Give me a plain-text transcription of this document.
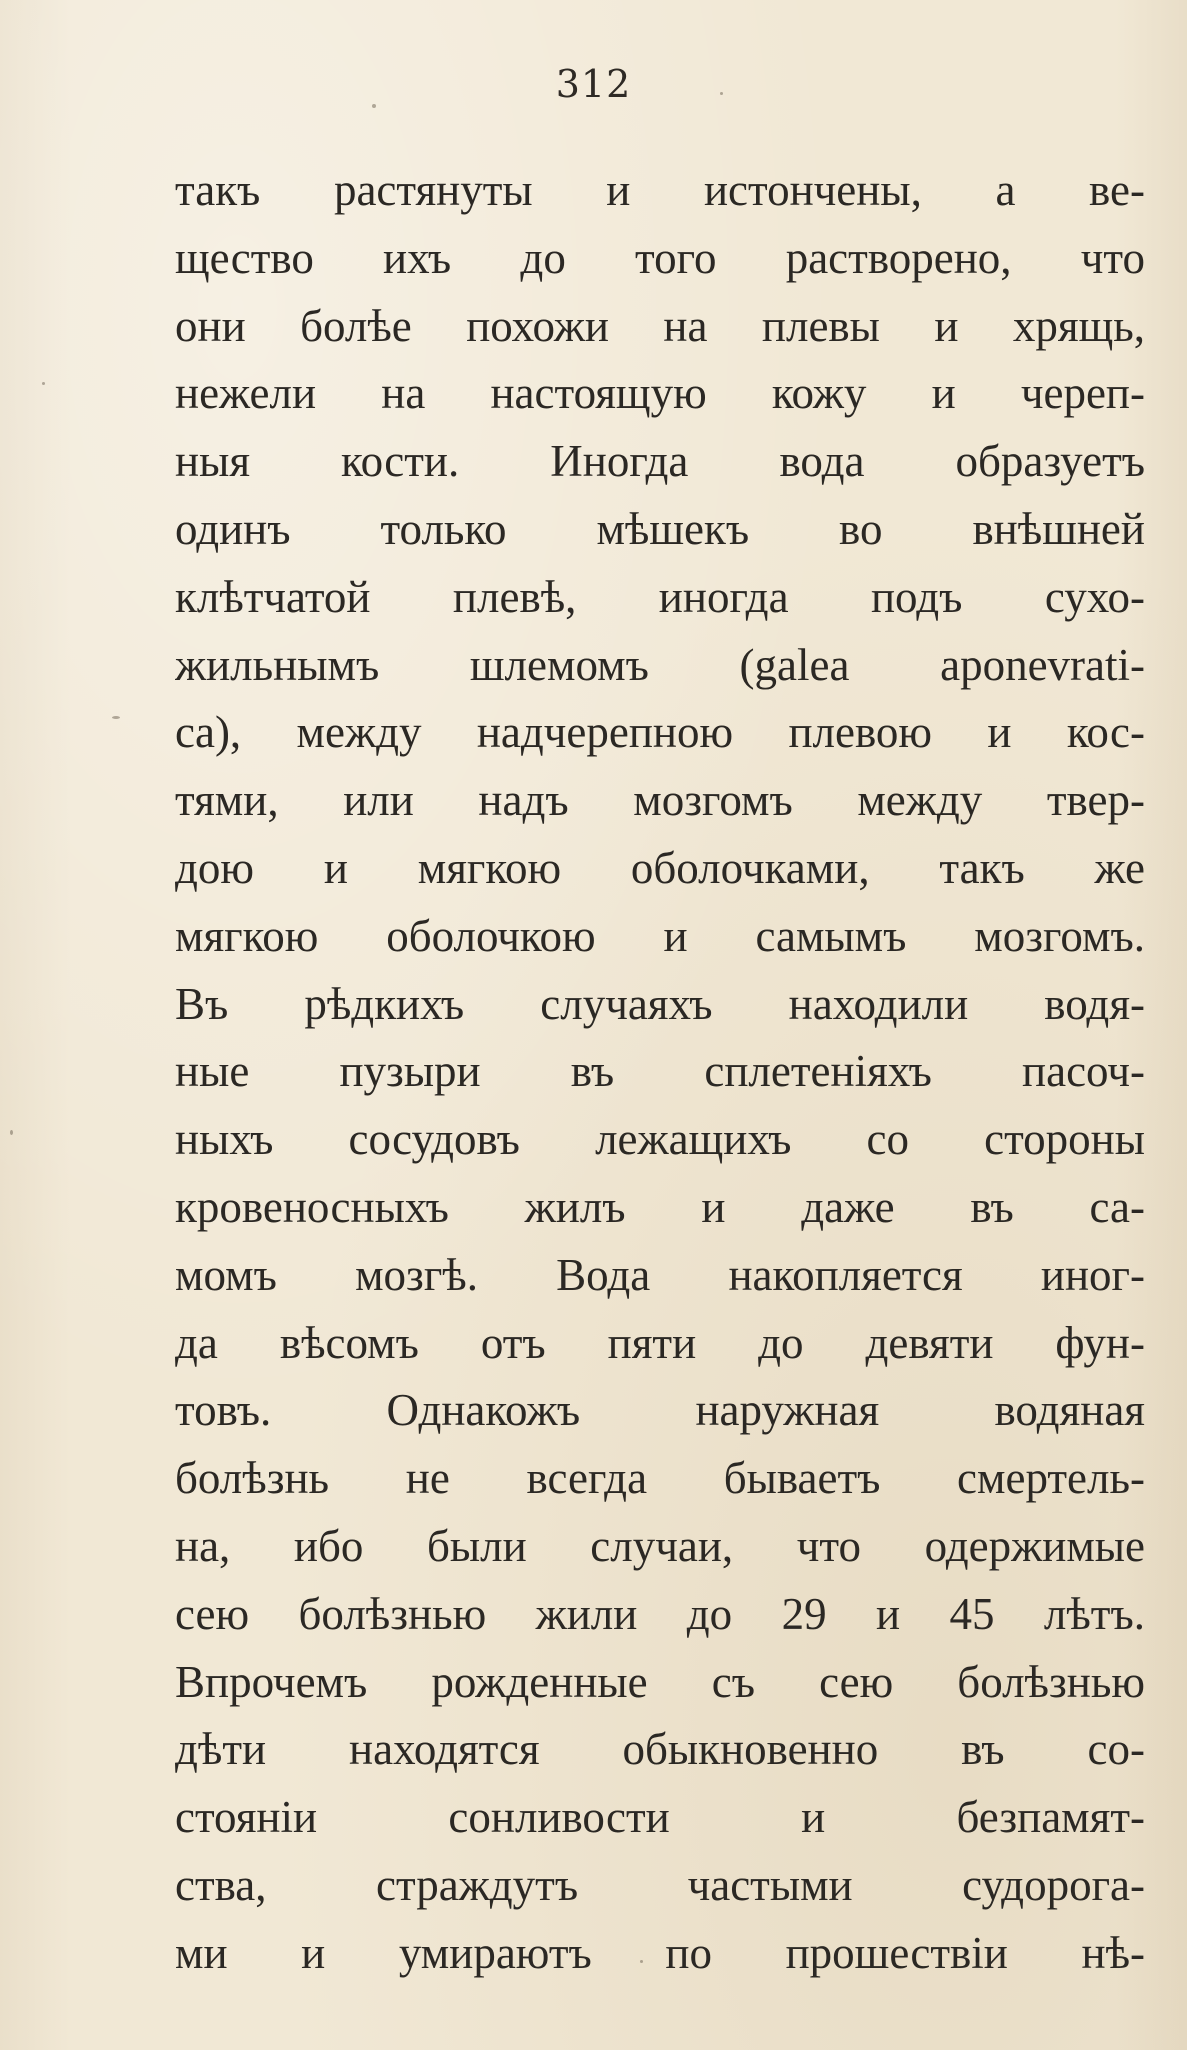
312
такъ растянуты и истончены, а ве-
щество ихъ до того растворено, что
они болѣе похожи на плевы и хрящь,
нежели на настоящую кожу и череп-
ныя кости. Иногда вода образуетъ
одинъ только мѣшекъ во внѣшней
клѣтчатой плевѣ, иногда подъ сухо-
жильнымъ шлемомъ (galea aponevrati-
ca), между надчерепною плевою и кос-
тями, или надъ мозгомъ между твер-
дою и мягкою оболочками, такъ же
мягкою оболочкою и самымъ мозгомъ.
Въ рѣдкихъ случаяхъ находили водя-
ные пузыри въ сплетеніяхъ пасоч-
ныхъ сосудовъ лежащихъ со стороны
кровеносныхъ жилъ и даже въ са-
момъ мозгѣ. Вода накопляется иног-
да вѣсомъ отъ пяти до девяти фун-
товъ. Однакожъ наружная водяная
болѣзнь не всегда бываетъ смертель-
на, ибо были случаи, что одержимые
сею болѣзнью жили до 29 и 45 лѣтъ.
Впрочемъ рожденные съ сею болѣзнью
дѣти находятся обыкновенно въ со-
стояніи сонливости и безпамят-
ства, страждутъ частыми судорога-
ми и умираютъ по прошествіи нѣ-
